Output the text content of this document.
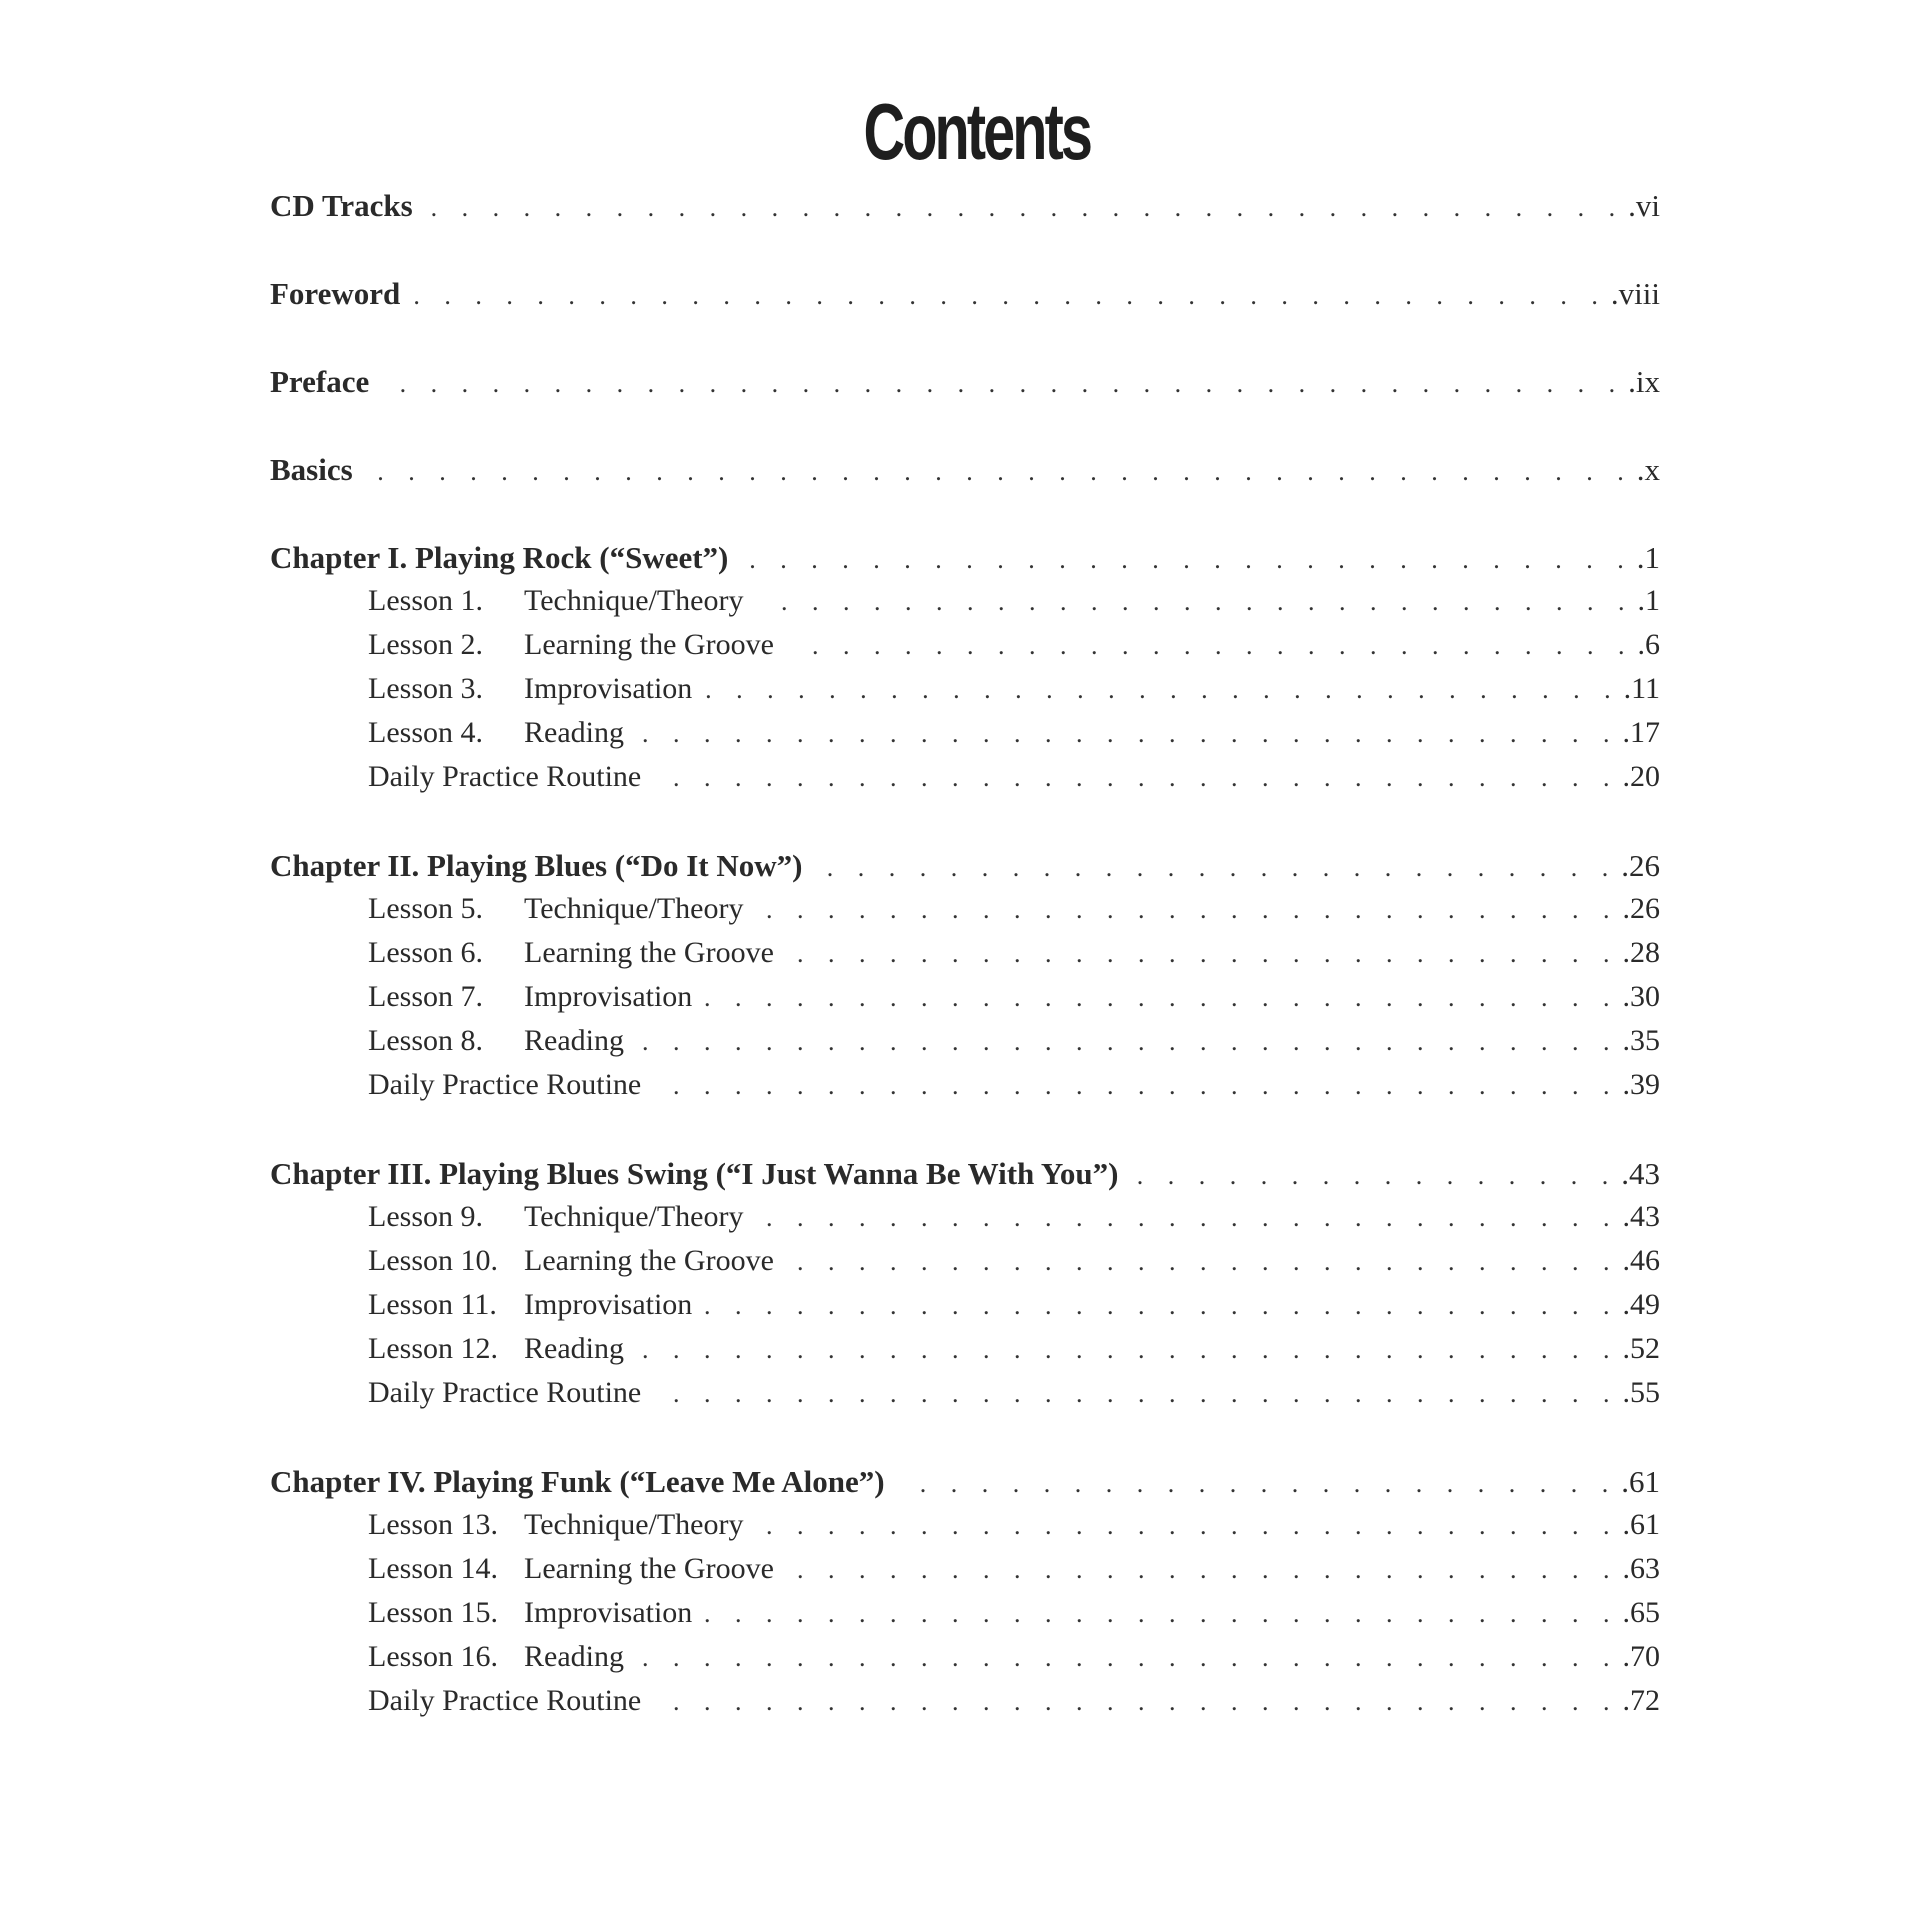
Contents
CD Tracks . . .	.vi
Foreword . . .	.viii
Preface . . .	.ix
Basics . . .	.x
Chapter I. Playing Rock (“Sweet”) . . .	.1
Lesson 1.	Technique/Theory . . .	.1
Lesson 2.	Learning the Groove . . .	.6
Lesson 3.	Improvisation . . .	.11
Lesson 4.	Reading . . .	.17
Daily Practice Routine . . .	.20
Chapter II. Playing Blues (“Do It Now”) . . .	.26
Lesson 5.	Technique/Theory . . .	.26
Lesson 6.	Learning the Groove . . .	.28
Lesson 7.	Improvisation . . .	.30
Lesson 8.	Reading . . .	.35
Daily Practice Routine . . .	.39
Chapter III. Playing Blues Swing (“I Just Wanna Be With You”) . . .	.43
Lesson 9.	Technique/Theory . . .	.43
Lesson 10. Learning the Groove . . .	.46
Lesson 11. Improvisation . . .	.49
Lesson 12. Reading . . .	.52
Daily Practice Routine . . .	.55
Chapter IV. Playing Funk (“Leave Me Alone”) . . .	.61
Lesson 13. Technique/Theory . . .	.61
Lesson 14. Learning the Groove . . .	.63
Lesson 15. Improvisation . . .	.65
Lesson 16. Reading . . .	.70
Daily Practice Routine . . .	.72
